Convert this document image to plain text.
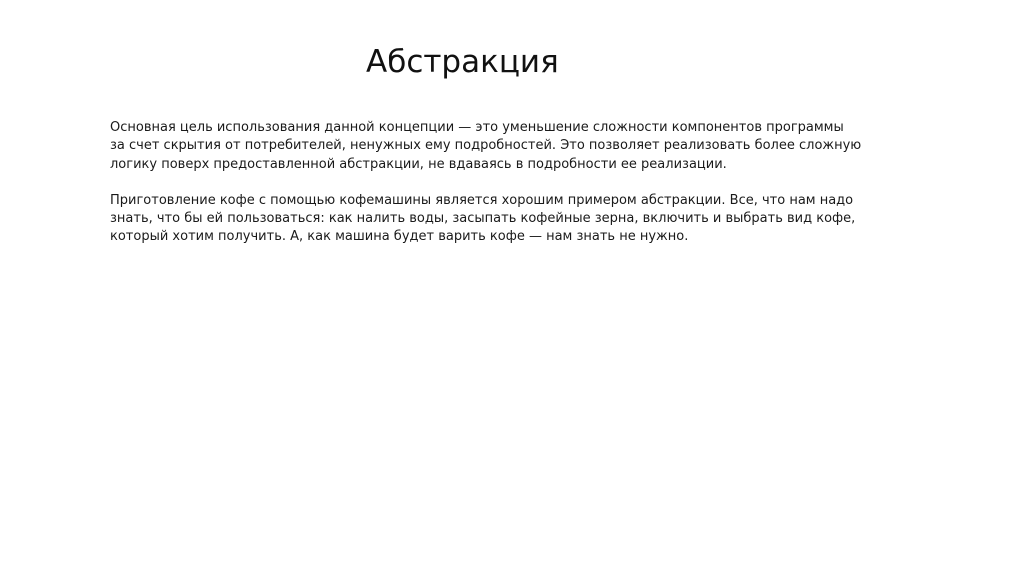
Абстракция

Основная цель использования данной концепции — это уменьшение сложности компонентов программы
за счет скрытия от потребителей, ненужных ему подробностей. Это позволяет реализовать более сложную
логику поверх предоставленной абстракции, не вдаваясь в подробности ее реализации.

Приготовление кофе с помощью кофемашины является хорошим примером абстракции. Все, что нам надо
знать, что бы ей пользоваться: как налить воды, засыпать кофейные зерна, включить и выбрать вид кофе,
который хотим получить. А, как машина будет варить кофе — нам знать не нужно.
